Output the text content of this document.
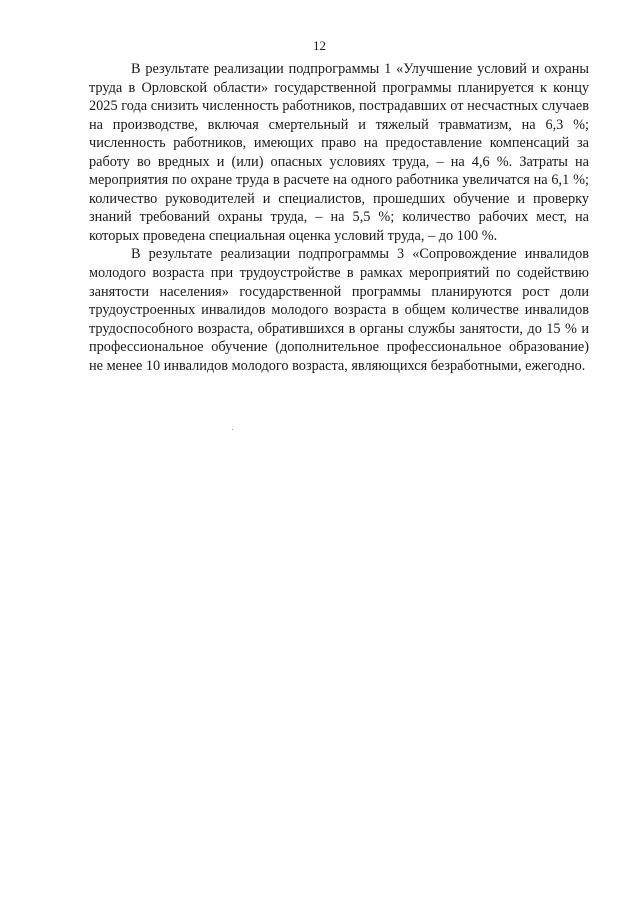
12

В результате реализации подпрограммы 1 «Улучшение условий и охраны труда в Орловской области» государственной программы планируется к концу 2025 года снизить численность работников, пострадавших от несчастных случаев на производстве, включая смертельный и тяжелый травматизм, на 6,3 %; численность работников, имеющих право на предоставление компенсаций за работу во вредных и (или) опасных условиях труда, – на 4,6 %. Затраты на мероприятия по охране труда в расчете на одного работника увеличатся на 6,1 %; количество руководителей и специалистов, прошедших обучение и проверку знаний требований охраны труда, – на 5,5 %; количество рабочих мест, на которых проведена специальная оценка условий труда, – до 100 %.

В результате реализации подпрограммы 3 «Сопровождение инвалидов молодого возраста при трудоустройстве в рамках мероприятий по содействию занятости населения» государственной программы планируются рост доли трудоустроенных инвалидов молодого возраста в общем количестве инвалидов трудоспособного возраста, обратившихся в органы службы занятости, до 15 % и профессиональное обучение (дополнительное профессиональное образование) не менее 10 инвалидов молодого возраста, являющихся безработными, ежегодно.
